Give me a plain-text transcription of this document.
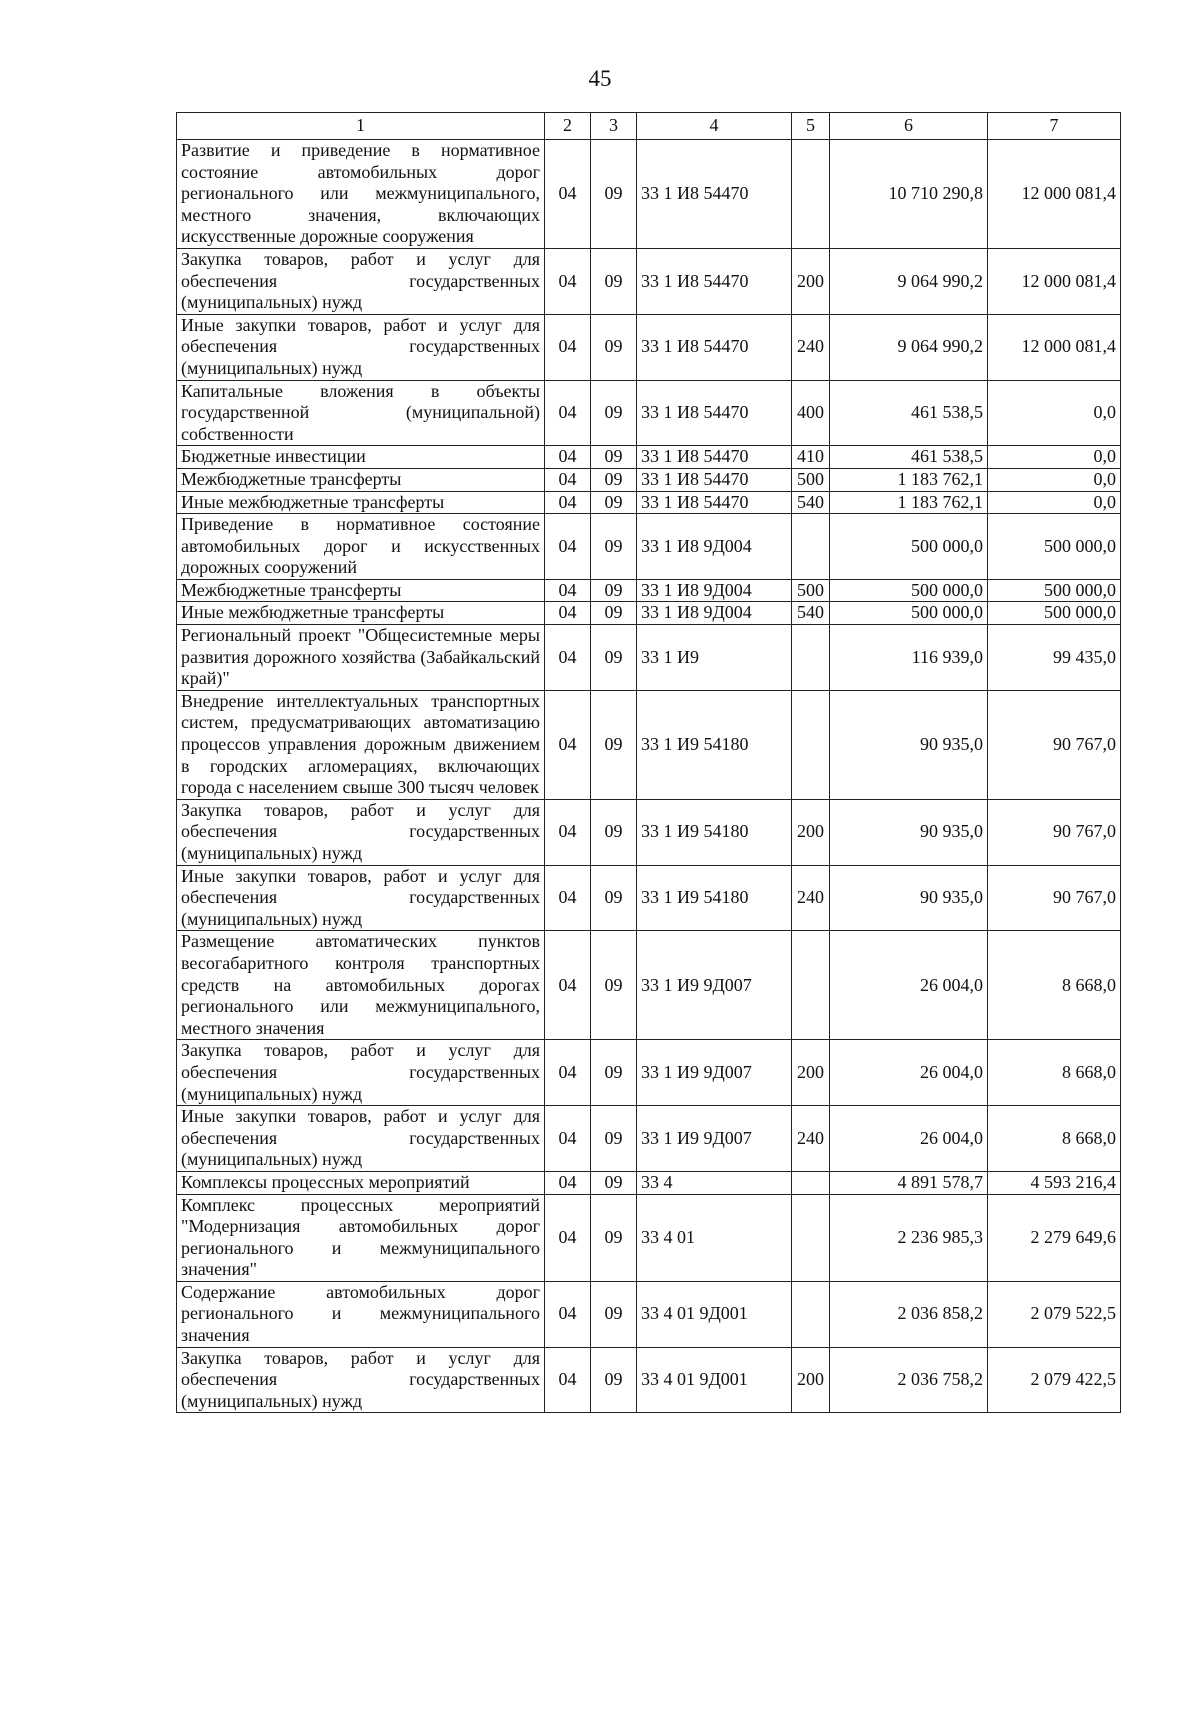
45
1	2	3	4	5	6	7
Развитие и приведение в нормативное состояние автомобильных дорог регионального или межмуниципального, местного значения, включающих искусственные дорожные сооружения	04	09	33 1 И8 54470		10 710 290,8	12 000 081,4
Закупка товаров, работ и услуг для обеспечения государственных (муниципальных) нужд	04	09	33 1 И8 54470	200	9 064 990,2	12 000 081,4
Иные закупки товаров, работ и услуг для обеспечения государственных (муниципальных) нужд	04	09	33 1 И8 54470	240	9 064 990,2	12 000 081,4
Капитальные вложения в объекты государственной (муниципальной) собственности	04	09	33 1 И8 54470	400	461 538,5	0,0
Бюджетные инвестиции	04	09	33 1 И8 54470	410	461 538,5	0,0
Межбюджетные трансферты	04	09	33 1 И8 54470	500	1 183 762,1	0,0
Иные межбюджетные трансферты	04	09	33 1 И8 54470	540	1 183 762,1	0,0
Приведение в нормативное состояние автомобильных дорог и искусственных дорожных сооружений	04	09	33 1 И8 9Д004		500 000,0	500 000,0
Межбюджетные трансферты	04	09	33 1 И8 9Д004	500	500 000,0	500 000,0
Иные межбюджетные трансферты	04	09	33 1 И8 9Д004	540	500 000,0	500 000,0
Региональный проект "Общесистемные меры развития дорожного хозяйства (Забайкальский край)"	04	09	33 1 И9		116 939,0	99 435,0
Внедрение интеллектуальных транспортных систем, предусматривающих автоматизацию процессов управления дорожным движением в городских агломерациях, включающих города с населением свыше 300 тысяч человек	04	09	33 1 И9 54180		90 935,0	90 767,0
Закупка товаров, работ и услуг для обеспечения государственных (муниципальных) нужд	04	09	33 1 И9 54180	200	90 935,0	90 767,0
Иные закупки товаров, работ и услуг для обеспечения государственных (муниципальных) нужд	04	09	33 1 И9 54180	240	90 935,0	90 767,0
Размещение автоматических пунктов весогабаритного контроля транспортных средств на автомобильных дорогах регионального или межмуниципального, местного значения	04	09	33 1 И9 9Д007		26 004,0	8 668,0
Закупка товаров, работ и услуг для обеспечения государственных (муниципальных) нужд	04	09	33 1 И9 9Д007	200	26 004,0	8 668,0
Иные закупки товаров, работ и услуг для обеспечения государственных (муниципальных) нужд	04	09	33 1 И9 9Д007	240	26 004,0	8 668,0
Комплексы процессных мероприятий	04	09	33 4		4 891 578,7	4 593 216,4
Комплекс процессных мероприятий "Модернизация автомобильных дорог регионального и межмуниципального значения"	04	09	33 4 01		2 236 985,3	2 279 649,6
Содержание автомобильных дорог регионального и межмуниципального значения	04	09	33 4 01 9Д001		2 036 858,2	2 079 522,5
Закупка товаров, работ и услуг для обеспечения государственных (муниципальных) нужд	04	09	33 4 01 9Д001	200	2 036 758,2	2 079 422,5
